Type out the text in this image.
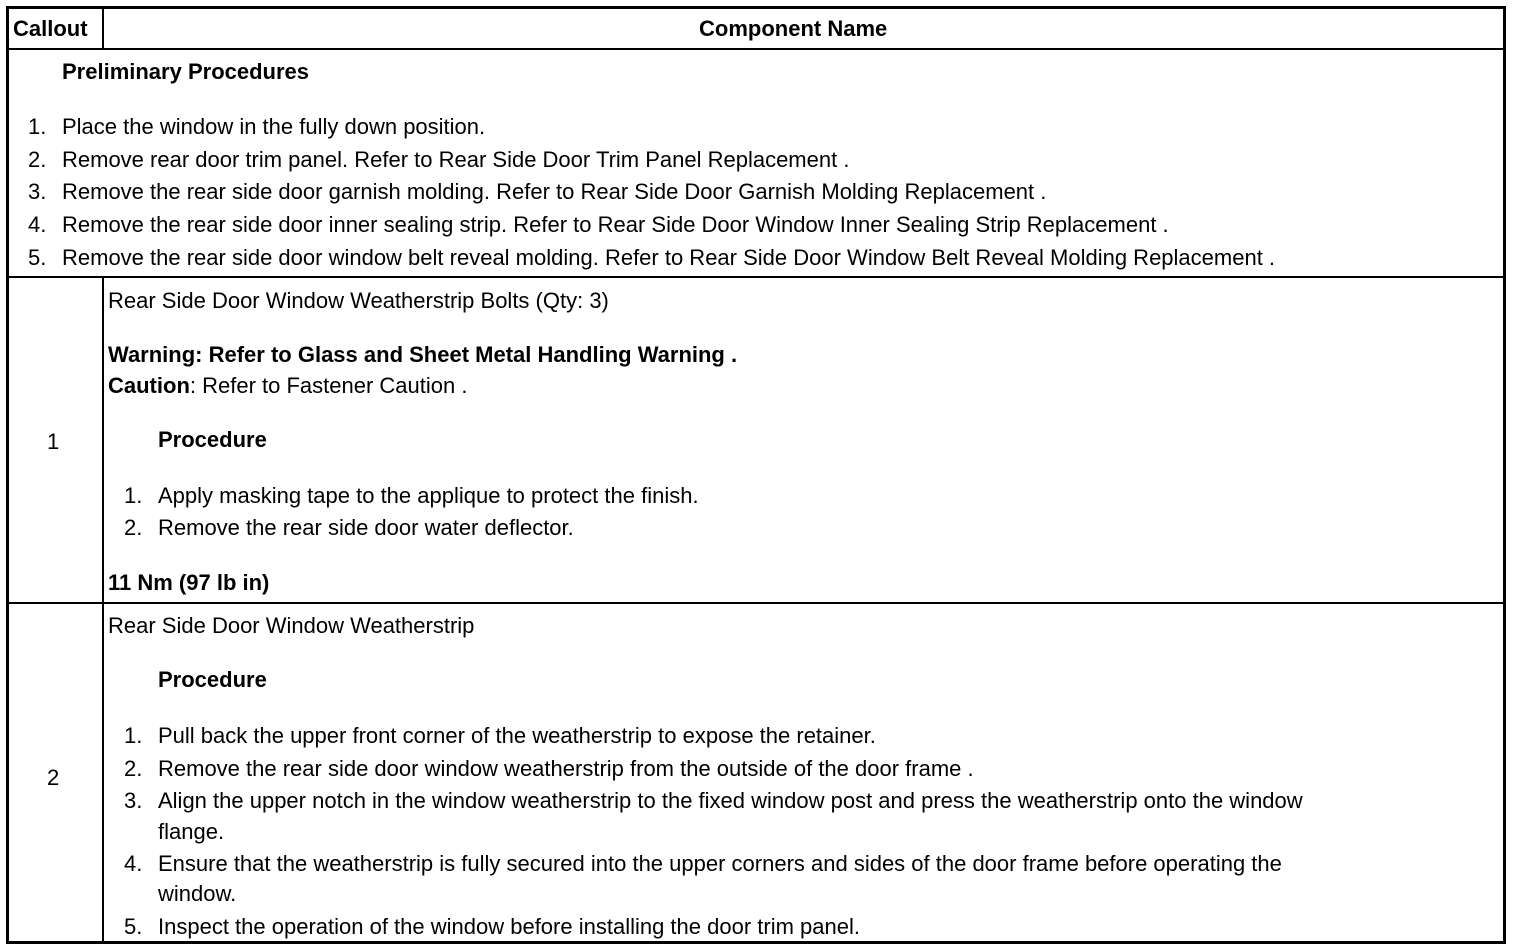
Callout	Component Name
Preliminary Procedures
1. Place the window in the fully down position.
2. Remove rear door trim panel. Refer to Rear Side Door Trim Panel Replacement .
3. Remove the rear side door garnish molding. Refer to Rear Side Door Garnish Molding Replacement .
4. Remove the rear side door inner sealing strip. Refer to Rear Side Door Window Inner Sealing Strip Replacement .
5. Remove the rear side door window belt reveal molding. Refer to Rear Side Door Window Belt Reveal Molding Replacement .
1
Rear Side Door Window Weatherstrip Bolts (Qty: 3)
Warning: Refer to Glass and Sheet Metal Handling Warning .
Caution: Refer to Fastener Caution .
Procedure
1. Apply masking tape to the applique to protect the finish.
2. Remove the rear side door water deflector.
11 Nm (97 lb in)
2
Rear Side Door Window Weatherstrip
Procedure
1. Pull back the upper front corner of the weatherstrip to expose the retainer.
2. Remove the rear side door window weatherstrip from the outside of the door frame .
3. Align the upper notch in the window weatherstrip to the fixed window post and press the weatherstrip onto the window
flange.
4. Ensure that the weatherstrip is fully secured into the upper corners and sides of the door frame before operating the
window.
5. Inspect the operation of the window before installing the door trim panel.
